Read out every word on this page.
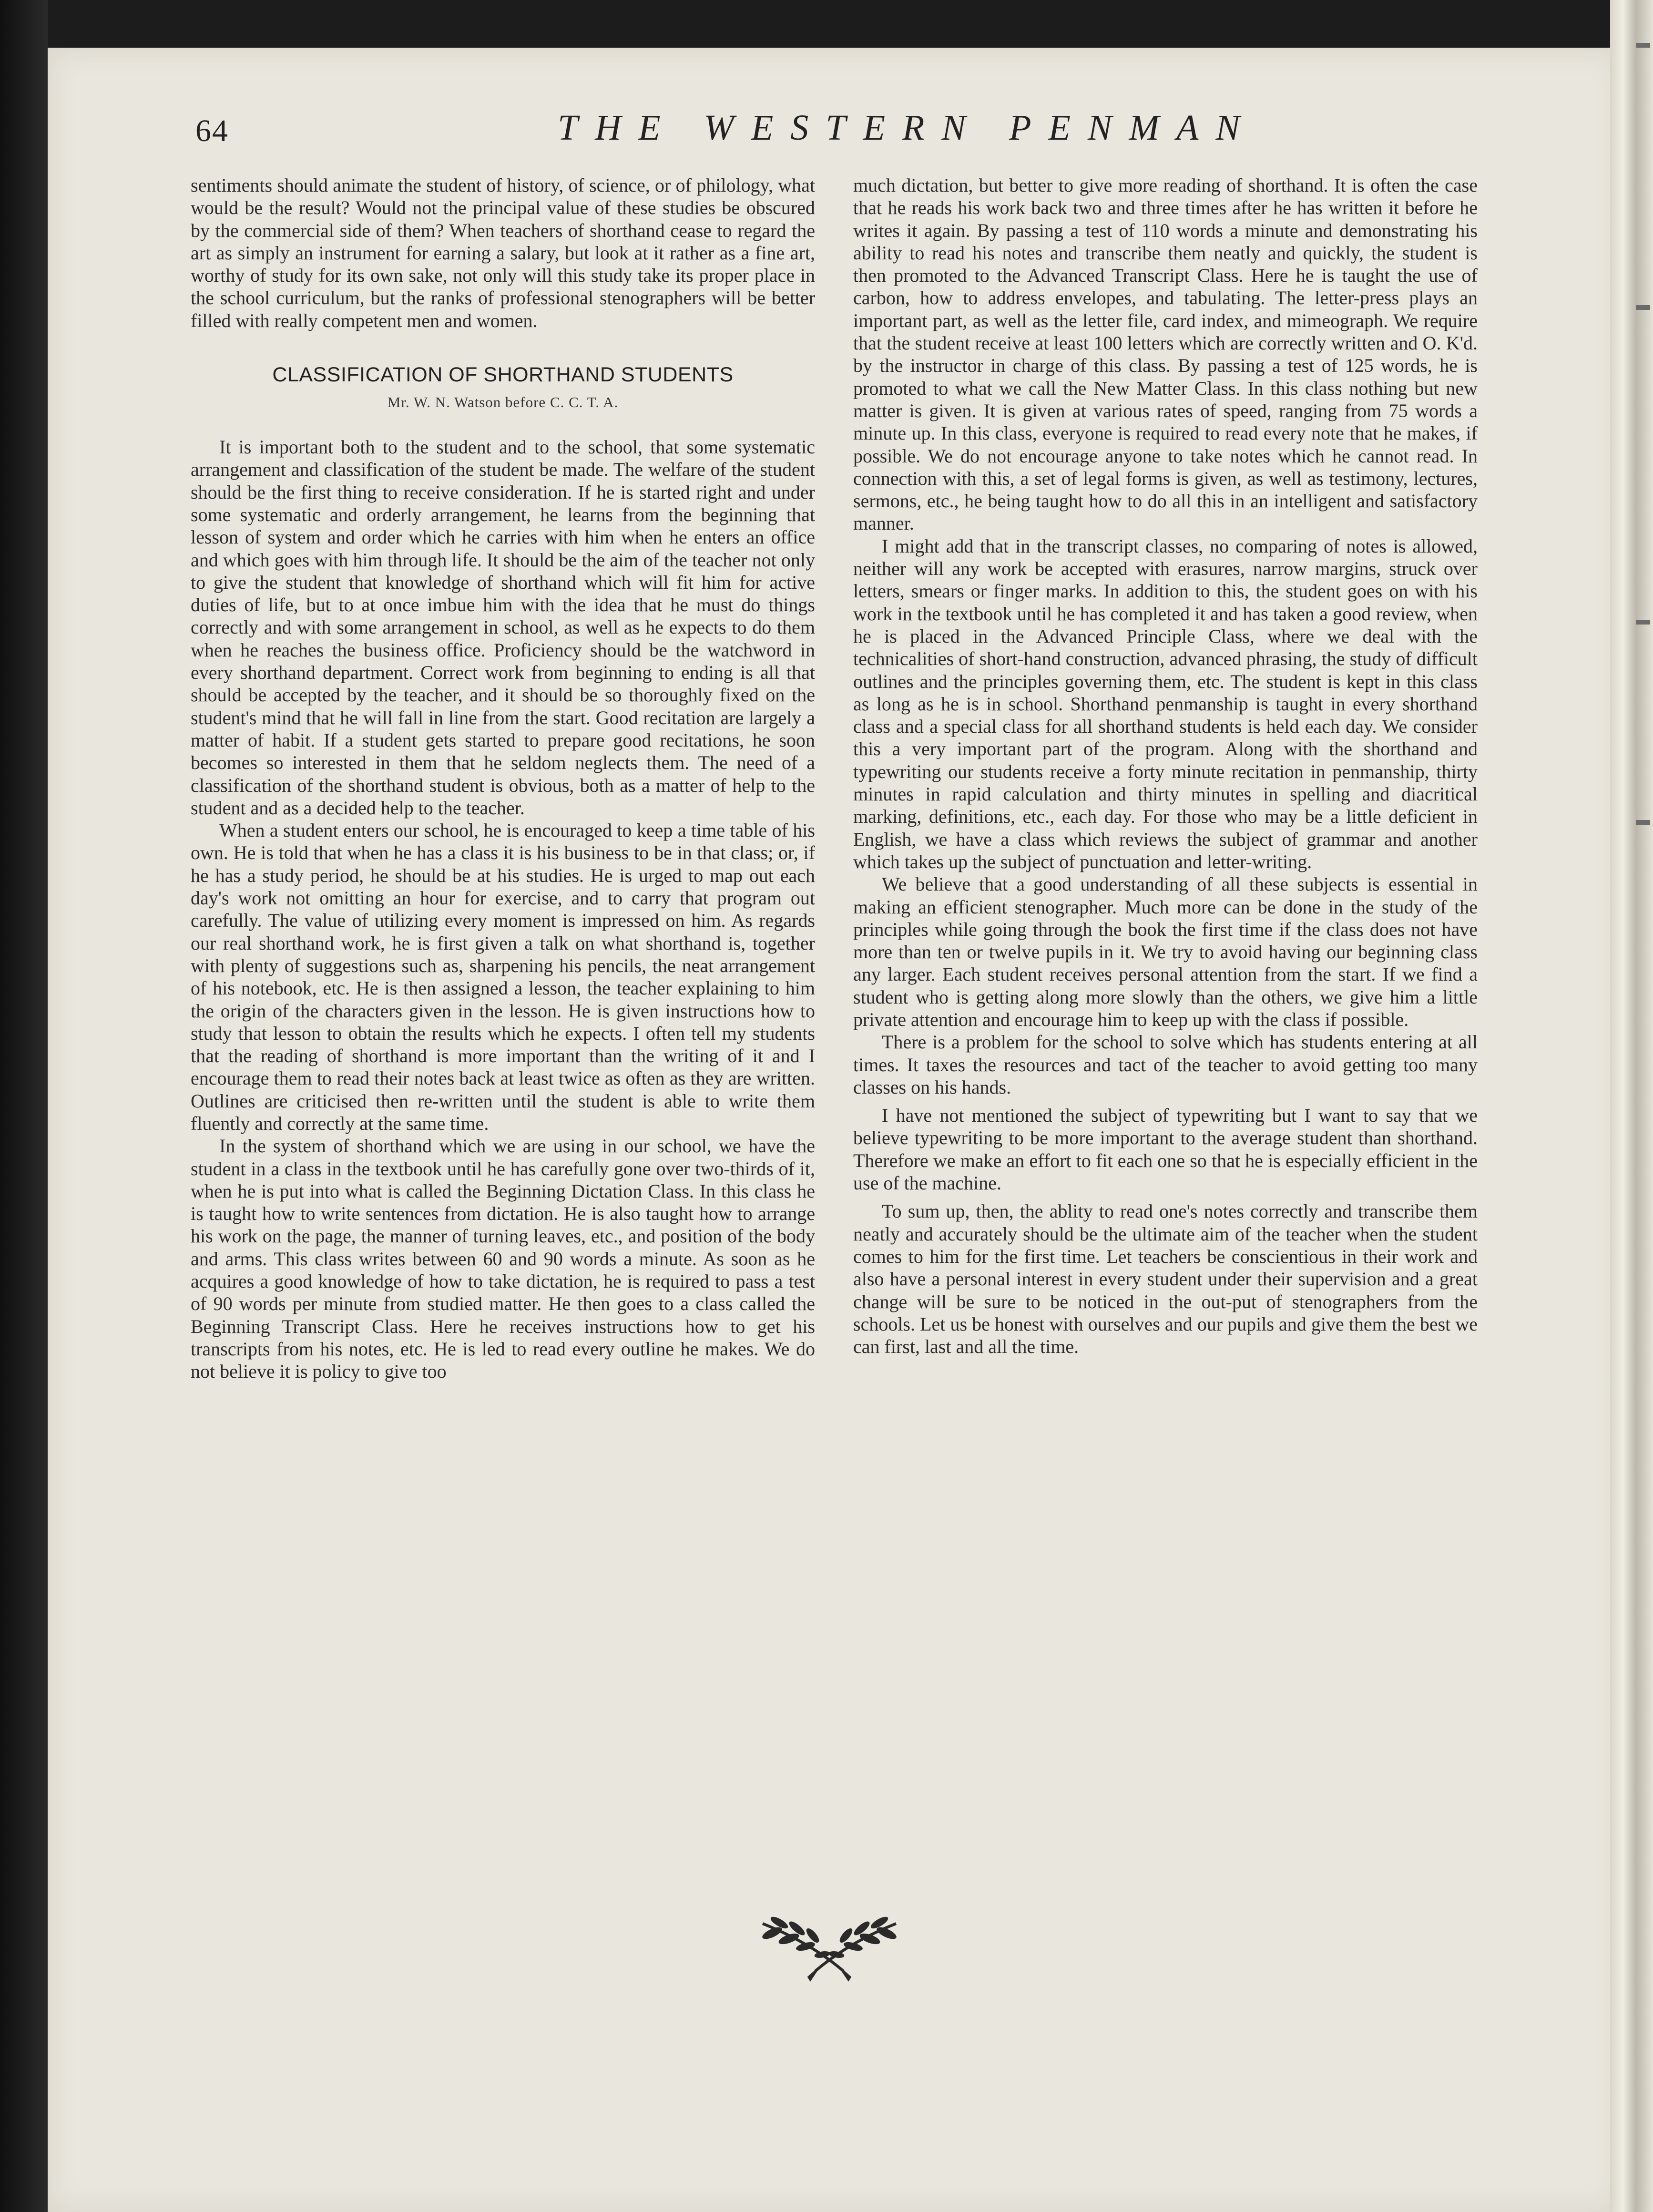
64	THE WESTERN PENMAN

sentiments should animate the student of history, of science, or of philology, what would be the result? Would not the principal value of these studies be obscured by the commercial side of them? When teachers of shorthand cease to regard the art as simply an instrument for earning a salary, but look at it rather as a fine art, worthy of study for its own sake, not only will this study take its proper place in the school curriculum, but the ranks of professional stenographers will be better filled with really competent men and women.

CLASSIFICATION OF SHORTHAND STUDENTS
Mr. W. N. Watson before C. C. T. A.

It is important both to the student and to the school, that some systematic arrangement and classification of the student be made. The welfare of the student should be the first thing to receive consideration. If he is started right and under some systematic and orderly arrangement, he learns from the beginning that lesson of system and order which he carries with him when he enters an office and which goes with him through life. It should be the aim of the teacher not only to give the student that knowledge of shorthand which will fit him for active duties of life, but to at once imbue him with the idea that he must do things correctly and with some arrangement in school, as well as he expects to do them when he reaches the business office. Proficiency should be the watchword in every shorthand department. Correct work from beginning to ending is all that should be accepted by the teacher, and it should be so thoroughly fixed on the student's mind that he will fall in line from the start. Good recitation are largely a matter of habit. If a student gets started to prepare good recitations, he soon becomes so interested in them that he seldom neglects them. The need of a classification of the shorthand student is obvious, both as a matter of help to the student and as a decided help to the teacher.

When a student enters our school, he is encouraged to keep a time table of his own. He is told that when he has a class it is his business to be in that class; or, if he has a study period, he should be at his studies. He is urged to map out each day's work not omitting an hour for exercise, and to carry that program out carefully. The value of utilizing every moment is impressed on him. As regards our real shorthand work, he is first given a talk on what shorthand is, together with plenty of suggestions such as, sharpening his pencils, the neat arrangement of his notebook, etc. He is then assigned a lesson, the teacher explaining to him the origin of the characters given in the lesson. He is given instructions how to study that lesson to obtain the results which he expects. I often tell my students that the reading of shorthand is more important than the writing of it and I encourage them to read their notes back at least twice as often as they are written. Outlines are criticised then re-written until the student is able to write them fluently and correctly at the same time.

In the system of shorthand which we are using in our school, we have the student in a class in the textbook until he has carefully gone over two-thirds of it, when he is put into what is called the Beginning Dictation Class. In this class he is taught how to write sentences from dictation. He is also taught how to arrange his work on the page, the manner of turning leaves, etc., and position of the body and arms. This class writes between 60 and 90 words a minute. As soon as he acquires a good knowledge of how to take dictation, he is required to pass a test of 90 words per minute from studied matter. He then goes to a class called the Beginning Transcript Class. Here he receives instructions how to get his transcripts from his notes, etc. He is led to read every outline he makes. We do not believe it is policy to give too

much dictation, but better to give more reading of shorthand. It is often the case that he reads his work back two and three times after he has written it before he writes it again. By passing a test of 110 words a minute and demonstrating his ability to read his notes and transcribe them neatly and quickly, the student is then promoted to the Advanced Transcript Class. Here he is taught the use of carbon, how to address envelopes, and tabulating. The letter-press plays an important part, as well as the letter file, card index, and mimeograph. We require that the student receive at least 100 letters which are correctly written and O. K'd. by the instructor in charge of this class. By passing a test of 125 words, he is promoted to what we call the New Matter Class. In this class nothing but new matter is given. It is given at various rates of speed, ranging from 75 words a minute up. In this class, everyone is required to read every note that he makes, if possible. We do not encourage anyone to take notes which he cannot read. In connection with this, a set of legal forms is given, as well as testimony, lectures, sermons, etc., he being taught how to do all this in an intelligent and satisfactory manner.

I might add that in the transcript classes, no comparing of notes is allowed, neither will any work be accepted with erasures, narrow margins, struck over letters, smears or finger marks. In addition to this, the student goes on with his work in the textbook until he has completed it and has taken a good review, when he is placed in the Advanced Principle Class, where we deal with the technicalities of short-hand construction, advanced phrasing, the study of difficult outlines and the principles governing them, etc. The student is kept in this class as long as he is in school. Shorthand penmanship is taught in every shorthand class and a special class for all shorthand students is held each day. We consider this a very important part of the program. Along with the shorthand and typewriting our students receive a forty minute recitation in penmanship, thirty minutes in rapid calculation and thirty minutes in spelling and diacritical marking, definitions, etc., each day. For those who may be a little deficient in English, we have a class which reviews the subject of grammar and another which takes up the subject of punctuation and letter-writing.

We believe that a good understanding of all these subjects is essential in making an efficient stenographer. Much more can be done in the study of the principles while going through the book the first time if the class does not have more than ten or twelve pupils in it. We try to avoid having our beginning class any larger. Each student receives personal attention from the start. If we find a student who is getting along more slowly than the others, we give him a little private attention and encourage him to keep up with the class if possible.

There is a problem for the school to solve which has students entering at all times. It taxes the resources and tact of the teacher to avoid getting too many classes on his hands.

I have not mentioned the subject of typewriting but I want to say that we believe typewriting to be more important to the average student than shorthand. Therefore we make an effort to fit each one so that he is especially efficient in the use of the machine.

To sum up, then, the ablity to read one's notes correctly and transcribe them neatly and accurately should be the ultimate aim of the teacher when the student comes to him for the first time. Let teachers be conscientious in their work and also have a personal interest in every student under their supervision and a great change will be sure to be noticed in the out-put of stenographers from the schools. Let us be honest with ourselves and our pupils and give them the best we can first, last and all the time.
